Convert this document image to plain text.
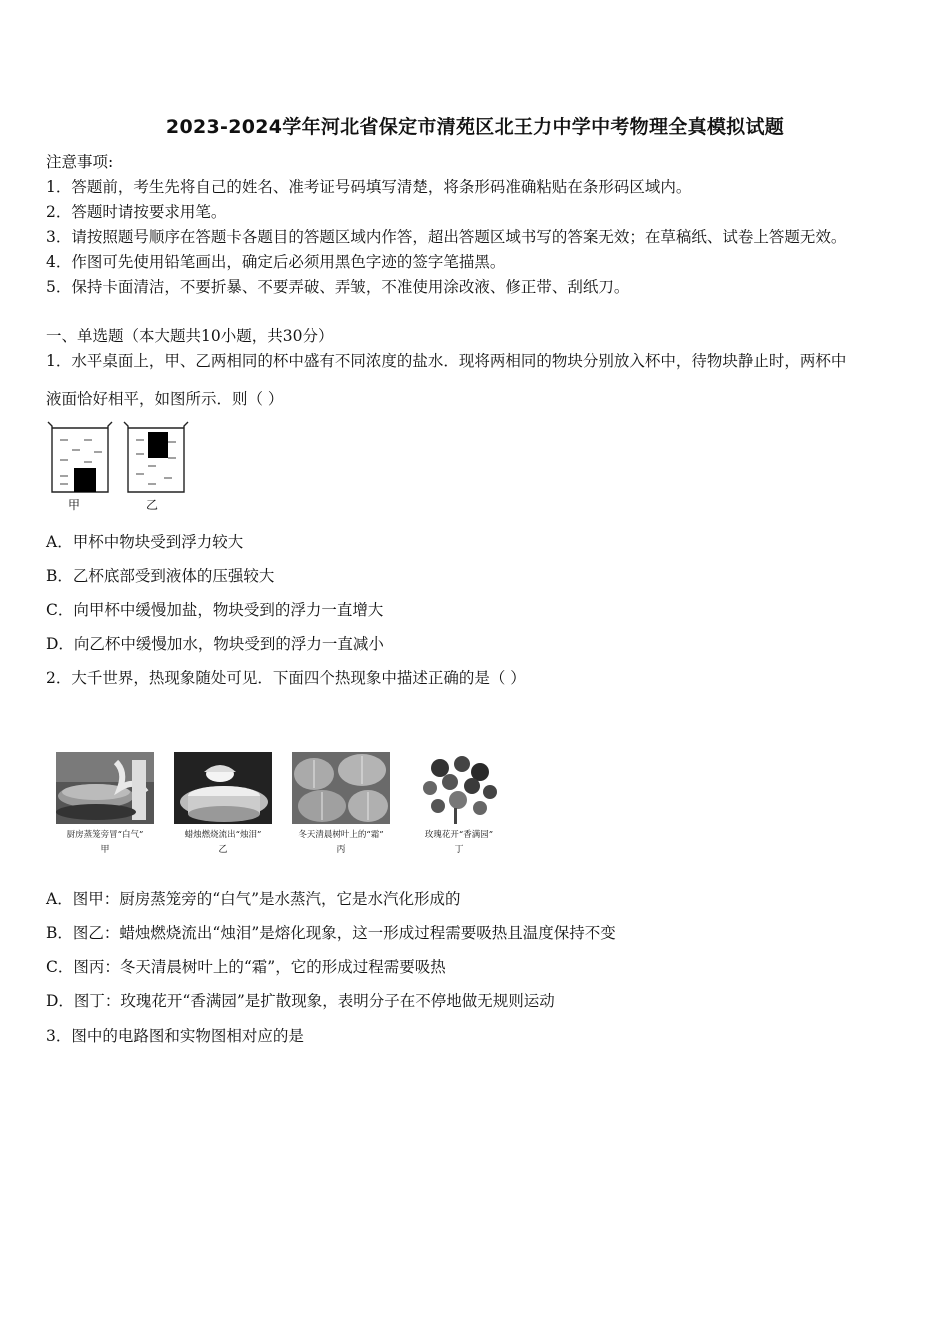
2023-2024学年河北省保定市清苑区北王力中学中考物理全真模拟试题
注意事项:
1．答题前，考生先将自己的姓名、准考证号码填写清楚，将条形码准确粘贴在条形码区域内。
2．答题时请按要求用笔。
3．请按照题号顺序在答题卡各题目的答题区域内作答，超出答题区域书写的答案无效；在草稿纸、试卷上答题无效。
4．作图可先使用铅笔画出，确定后必须用黑色字迹的签字笔描黑。
5．保持卡面清洁，不要折暴、不要弄破、弄皱，不准使用涂改液、修正带、刮纸刀。
一、单选题（本大题共10小题，共30分）
1．水平桌面上，甲、乙两相同的杯中盛有不同浓度的盐水．现将两相同的物块分别放入杯中，待物块静止时，两杯中
液面恰好相平，如图所示．则（ ）
甲	乙
A．甲杯中物块受到浮力较大
B．乙杯底部受到液体的压强较大
C．向甲杯中缓慢加盐，物块受到的浮力一直增大
D．向乙杯中缓慢加水，物块受到的浮力一直减小
2．大千世界，热现象随处可见．下面四个热现象中描述正确的是（ ）
厨房蒸笼旁冒“白气”
甲
蜡烛燃烧流出“烛泪”
乙
冬天清晨树叶上的“霜”
丙
玫瑰花开“香满园”
丁
A．图甲：厨房蒸笼旁的“白气”是水蒸汽，它是水汽化形成的
B．图乙：蜡烛燃烧流出“烛泪”是熔化现象，这一形成过程需要吸热且温度保持不变
C．图丙：冬天清晨树叶上的“霜”，它的形成过程需要吸热
D．图丁：玫瑰花开“香满园”是扩散现象，表明分子在不停地做无规则运动
3．图中的电路图和实物图相对应的是
